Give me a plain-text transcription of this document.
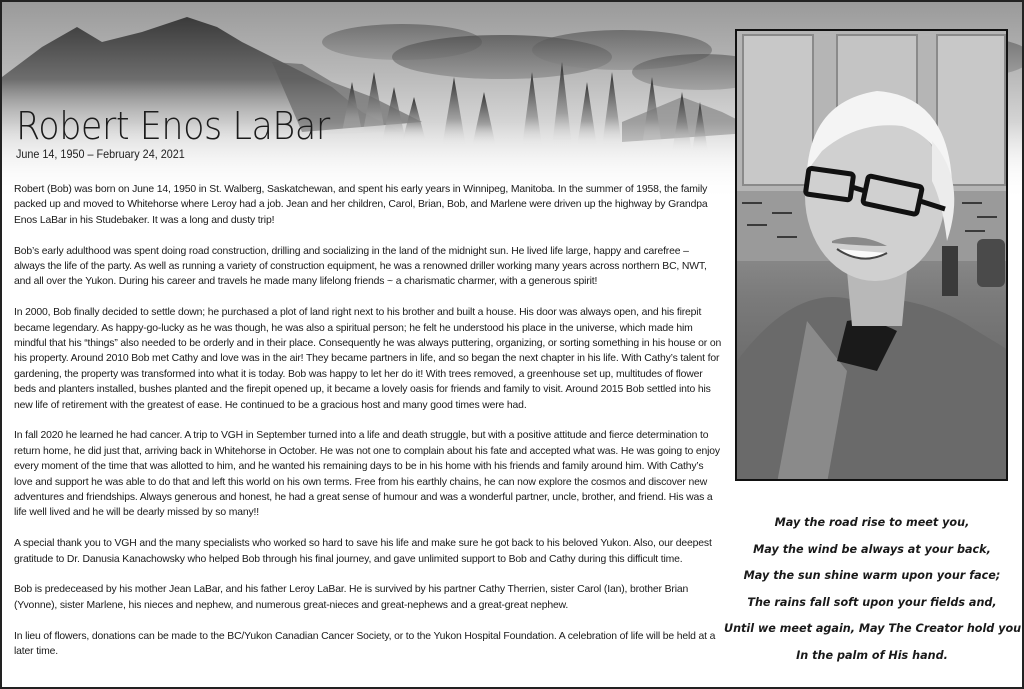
Robert Enos LaBar
June 14, 1950 – February 24, 2021

Robert (Bob) was born on June 14, 1950 in St. Walberg, Saskatchewan, and spent his early years in Winnipeg, Manitoba. In the summer of 1958, the family packed up and moved to Whitehorse where Leroy had a job. Jean and her children, Carol, Brian, Bob, and Marlene were driven up the highway by Grandpa Enos LaBar in his Studebaker. It was a long and dusty trip!

Bob’s early adulthood was spent doing road construction, drilling and socializing in the land of the midnight sun. He lived life large, happy and carefree – always the life of the party. As well as running a variety of construction equipment, he was a renowned driller working many years across northern BC, NWT, and all over the Yukon. During his career and travels he made many lifelong friends ~ a charismatic charmer, with a generous spirit!

In 2000, Bob finally decided to settle down; he purchased a plot of land right next to his brother and built a house. His door was always open, and his firepit became legendary. As happy-go-lucky as he was though, he was also a spiritual person; he felt he understood his place in the universe, which made him mindful that his “things” also needed to be orderly and in their place. Consequently he was always puttering, organizing, or sorting something in his house or on his property. Around 2010 Bob met Cathy and love was in the air! They became partners in life, and so began the next chapter in his life. With Cathy’s talent for gardening, the property was transformed into what it is today. Bob was happy to let her do it! With trees removed, a greenhouse set up, multitudes of flower beds and planters installed, bushes planted and the firepit opened up, it became a lovely oasis for friends and family to visit. Around 2015 Bob settled into his new life of retirement with the greatest of ease. He continued to be a gracious host and many good times were had.

In fall 2020 he learned he had cancer. A trip to VGH in September turned into a life and death struggle, but with a positive attitude and fierce determination to return home, he did just that, arriving back in Whitehorse in October. He was not one to complain about his fate and accepted what was. He was going to enjoy every moment of the time that was allotted to him, and he wanted his remaining days to be in his home with his friends and family around him. With Cathy’s love and support he was able to do that and left this world on his own terms. Free from his earthly chains, he can now explore the cosmos and discover new adventures and friendships. Always generous and honest, he had a great sense of humour and was a wonderful partner, uncle, brother, and friend. His was a life well lived and he will be dearly missed by so many!!

A special thank you to VGH and the many specialists who worked so hard to save his life and make sure he got back to his beloved Yukon. Also, our deepest gratitude to Dr. Danusia Kanachowsky who helped Bob through his final journey, and gave unlimited support to Bob and Cathy during this difficult time.

Bob is predeceased by his mother Jean LaBar, and his father Leroy LaBar. He is survived by his partner Cathy Therrien, sister Carol (Ian), brother Brian (Yvonne), sister Marlene, his nieces and nephew, and numerous great-nieces and great-nephews and a great-great nephew.

In lieu of flowers, donations can be made to the BC/Yukon Canadian Cancer Society, or to the Yukon Hospital Foundation. A celebration of life will be held at a later time.

May the road rise to meet you,
May the wind be always at your back,
May the sun shine warm upon your face;
The rains fall soft upon your fields and,
Until we meet again, May The Creator hold you
In the palm of His hand.
